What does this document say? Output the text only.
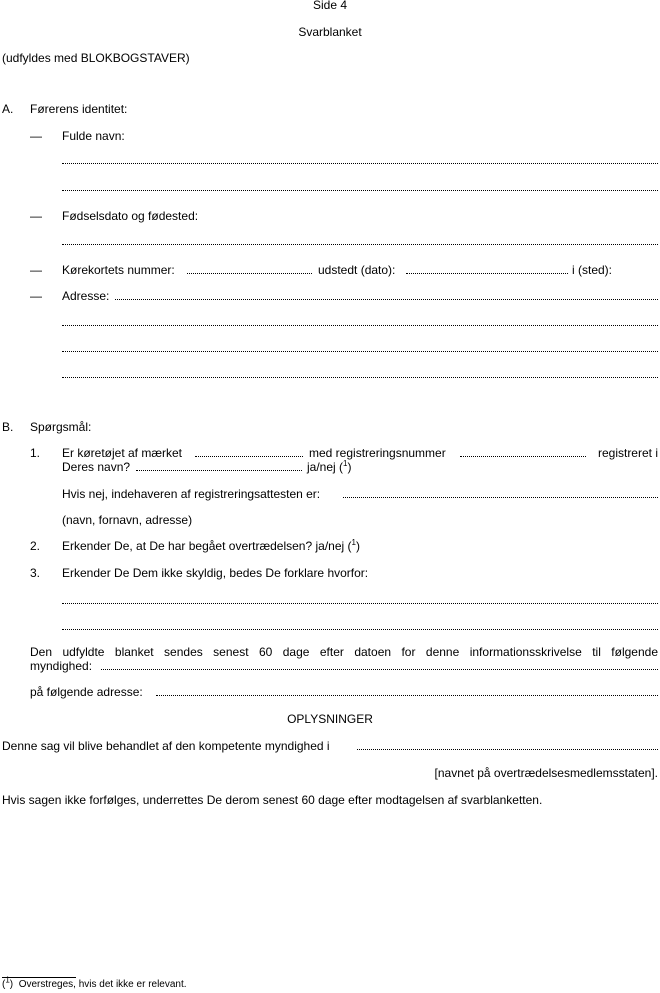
Side 4
Svarblanket
(udfyldes med BLOKBOGSTAVER)
A. Førerens identitet:
— Fulde navn:
— Fødselsdato og fødested:
— Kørekortets nummer:	udstedt (dato):	i (sted):
— Adresse:
B. Spørgsmål:
1. Er køretøjet af mærket	med registreringsnummer	registreret i
Deres navn?	ja/nej ($^1$)
Hvis nej, indehaveren af registreringsattesten er:
(navn, fornavn, adresse)
2. Erkender De, at De har begået overtrædelsen? ja/nej ($^1$)
3. Erkender De Dem ikke skyldig, bedes De forklare hvorfor:
Den udfyldte blanket sendes senest 60 dage efter datoen for denne informationsskrivelse til følgende
myndighed:
på følgende adresse:
OPLYSNINGER
Denne sag vil blive behandlet af den kompetente myndighed i
[navnet på overtrædelsesmedlemsstaten].
Hvis sagen ikke forfølges, underrettes De derom senest 60 dage efter modtagelsen af svarblanketten.
($^1$) Overstreges, hvis det ikke er relevant.
